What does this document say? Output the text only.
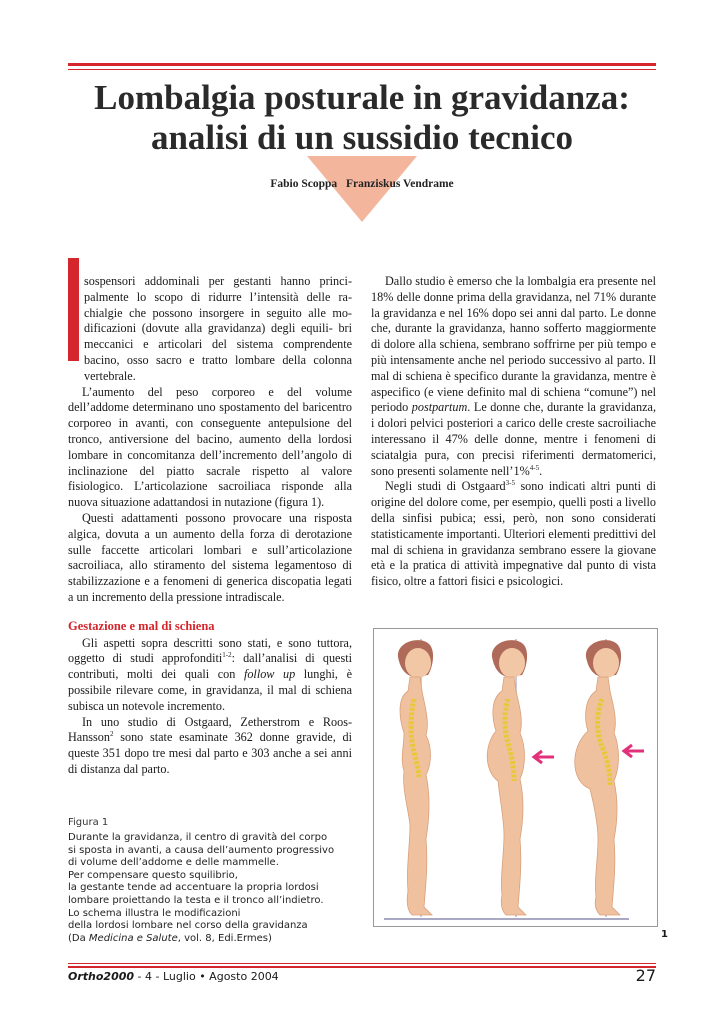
Lombalgia posturale in gravidanza:
analisi di un sussidio tecnico
Fabio Scoppa Franziskus Vendrame

sospensori addominali per gestanti hanno princi- palmente lo scopo di ridurre l’intensità delle ra- chialgie che possono insorgere in seguito alle mo- dificazioni (dovute alla gravidanza) degli equili- bri meccanici e articolari del sistema comprendente bacino, osso sacro e tratto lombare della colonna vertebrale.

L’aumento del peso corporeo e del volume dell’addome determinano uno spostamento del baricentro corporeo in avanti, con conseguente antepulsione del tronco, antiversione del bacino, aumento della lordosi lombare in concomitanza dell’incremento dell’angolo di inclinazione del piatto sacrale rispetto al valore fisiologico. L’articolazione sacroiliaca risponde alla nuova situazione adattandosi in nutazione (figura 1).

Questi adattamenti possono provocare una risposta algica, dovuta a un aumento della forza di derotazione sulle faccette articolari lombari e sull’articolazione sacroiliaca, allo stiramento del sistema legamentoso di stabilizzazione e a fenomeni di generica discopatia legati a un incremento della pressione intradiscale.

Gestazione e mal di schiena

Gli aspetti sopra descritti sono stati, e sono tuttora, oggetto di studi approfonditi$^{1-2}$: dall’analisi di questi contributi, molti dei quali con follow up lunghi, è possibile rilevare come, in gravidanza, il mal di schiena subisca un notevole incremento.

In uno studio di Ostgaard, Zetherstrom e Roos-Hansson$^2$ sono state esaminate 362 donne gravide, di queste 351 dopo tre mesi dal parto e 303 anche a sei anni di distanza dal parto.

Dallo studio è emerso che la lombalgia era presente nel 18% delle donne prima della gravidanza, nel 71% durante la gravidanza e nel 16% dopo sei anni dal parto. Le donne che, durante la gravidanza, hanno sofferto maggiormente di dolore alla schiena, sembrano soffrirne per più tempo e più intensamente anche nel periodo successivo al parto. Il mal di schiena è specifico durante la gravidanza, mentre è aspecifico (e viene definito mal di schiena “comune”) nel periodo postpartum. Le donne che, durante la gravidanza, i dolori pelvici posteriori a carico delle creste sacroiliache interessano il 47% delle donne, mentre i fenomeni di sciatalgia pura, con precisi riferimenti dermatomerici, sono presenti solamente nell’1%$^{4-5}$.

Negli studi di Ostgaard$^{3-5}$ sono indicati altri punti di origine del dolore come, per esempio, quelli posti a livello della sinfisi pubica; essi, però, non sono considerati statisticamente importanti. Ulteriori elementi predittivi del mal di schiena in gravidanza sembrano essere la giovane età e la pratica di attività impegnative dal punto di vista fisico, oltre a fattori fisici e psicologici.

1
Figura 1
Durante la gravidanza, il centro di gravità del corpo
si sposta in avanti, a causa dell’aumento progressivo
di volume dell’addome e delle mammelle.
Per compensare questo squilibrio,
la gestante tende ad accentuare la propria lordosi
lombare proiettando la testa e il tronco all’indietro.
Lo schema illustra le modificazioni
della lordosi lombare nel corso della gravidanza
(Da Medicina e Salute, vol. 8, Edi.Ermes)
Ortho2000 - 4 - Luglio • Agosto 2004	27
